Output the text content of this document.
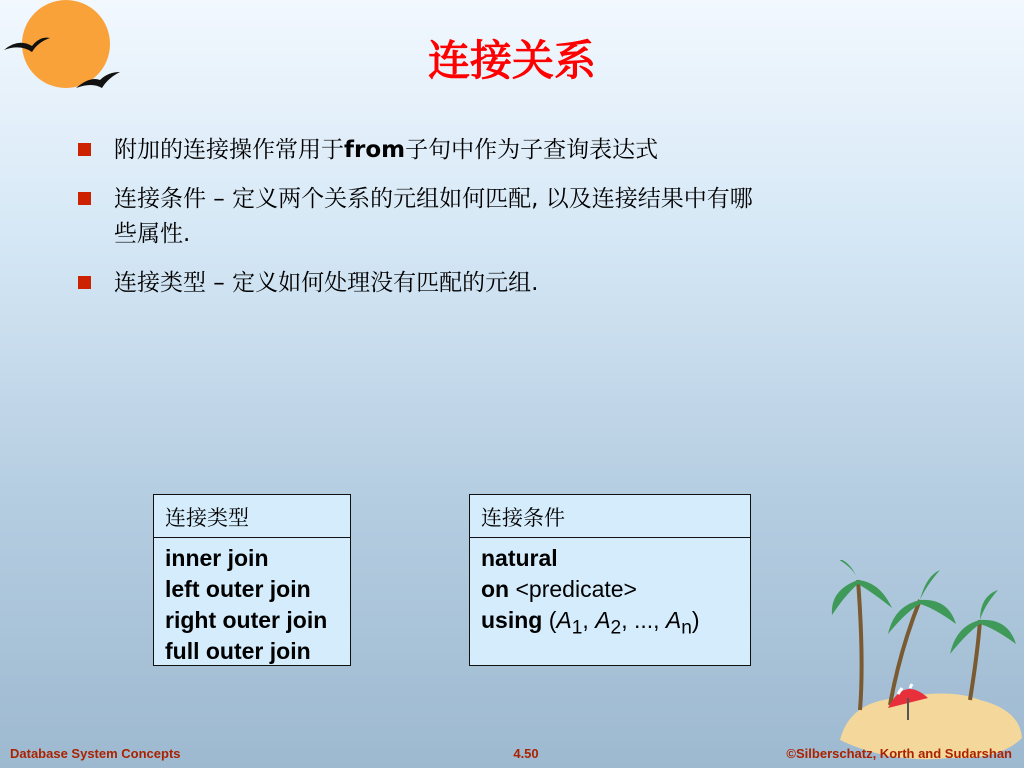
连接关系
附加的连接操作常用于from子句中作为子查询表达式
连接条件 – 定义两个关系的元组如何匹配, 以及连接结果中有哪
些属性.
连接类型 – 定义如何处理没有匹配的元组.
连接类型
inner join
left outer join
right outer join
full outer join
连接条件
natural
on <predicate>
using ($A_1$, $A_2$, ..., $A_n$)
Database System Concepts	4.50	©Silberschatz, Korth and Sudarshan
